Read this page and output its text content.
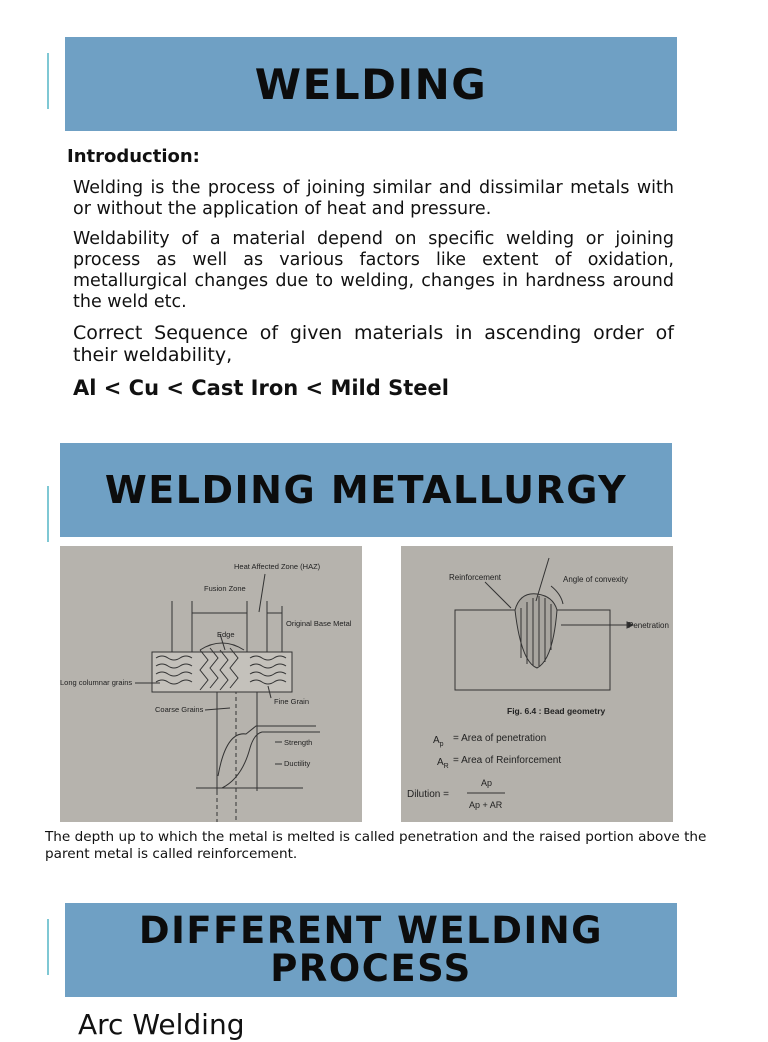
WELDING
Introduction:
Welding is the process of joining similar and dissimilar metals with or without the application of heat and pressure.
Weldability of a material depend on specific welding or joining process as well as various factors like extent of oxidation, metallurgical changes due to welding, changes in hardness around the weld etc.
Correct Sequence of given materials in ascending order of their weldability,
Al < Cu < Cast Iron < Mild Steel
WELDING METALLURGY
Heat Affected Zone (HAZ)
Fusion Zone
Original Base Metal
Edge
Long columnar grains
Coarse Grains
Fine Grain
Strength
Ductility
Reinforcement	Angle of convexity
Penetration
Fig. 6.4 : Bead geometry
$A_p$
= Area of penetration
$A_R$
= Area of Reinforcement
Dilution =
Ap
Ap + AR
The depth up to which the metal is melted is called penetration and the raised portion above the parent metal is called reinforcement.
DIFFERENT WELDING PROCESS
Arc Welding
